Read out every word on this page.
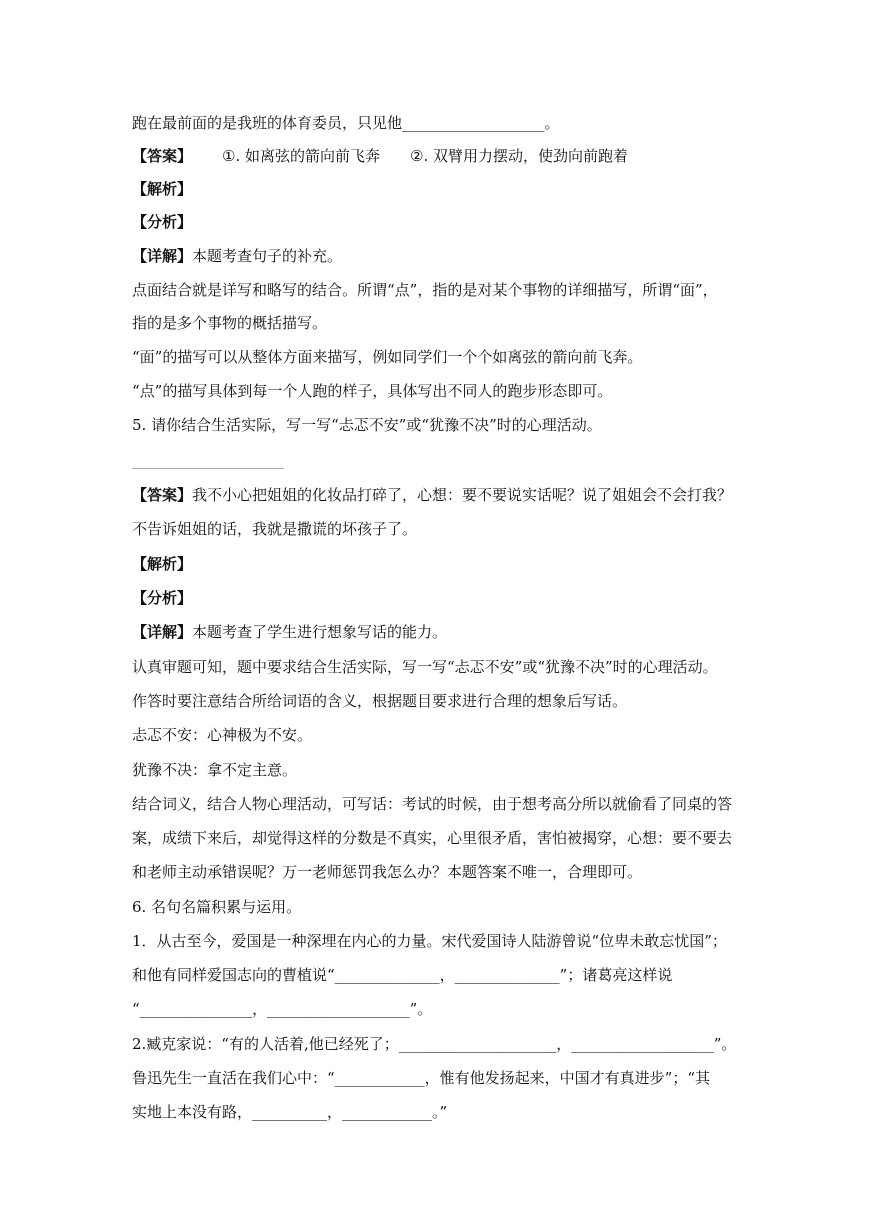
跑在最前面的是我班的体育委员，只见他___________________。
【答案】 ①. 如离弦的箭向前飞奔 ②. 双臂用力摆动，使劲向前跑着
【解析】
【分析】
【详解】本题考查句子的补充。
点面结合就是详写和略写的结合。所谓“点”，指的是对某个事物的详细描写，所谓“面”，
指的是多个事物的概括描写。
“面”的描写可以从整体方面来描写，例如同学们一个个如离弦的箭向前飞奔。
“点”的描写具体到每一个人跑的样子，具体写出不同人的跑步形态即可。
5. 请你结合生活实际，写一写“忐忑不安”或“犹豫不决”时的心理活动。
【答案】我不小心把姐姐的化妆品打碎了，心想：要不要说实话呢？说了姐姐会不会打我？
不告诉姐姐的话，我就是撒谎的坏孩子了。
【解析】
【分析】
【详解】本题考查了学生进行想象写话的能力。
认真审题可知，题中要求结合生活实际，写一写“忐忑不安”或“犹豫不决”时的心理活动。
作答时要注意结合所给词语的含义，根据题目要求进行合理的想象后写话。
忐忑不安：心神极为不安。
犹豫不决：拿不定主意。
结合词义，结合人物心理活动，可写话：考试的时候，由于想考高分所以就偷看了同桌的答
案，成绩下来后，却觉得这样的分数是不真实，心里很矛盾，害怕被揭穿，心想：要不要去
和老师主动承错误呢？万一老师惩罚我怎么办？本题答案不唯一，合理即可。
6. 名句名篇积累与运用。
1．从古至今，爱国是一种深埋在内心的力量。宋代爱国诗人陆游曾说“位卑未敢忘忧国”；
和他有同样爱国志向的曹植说“______________，______________”；诸葛亮这样说
“_______________，___________________”。
2.臧克家说：“有的人活着,他已经死了；_____________________，___________________”。
鲁迅先生一直活在我们心中：“____________，惟有他发扬起来，中国才有真进步”；“其
实地上本没有路，__________，____________。”
